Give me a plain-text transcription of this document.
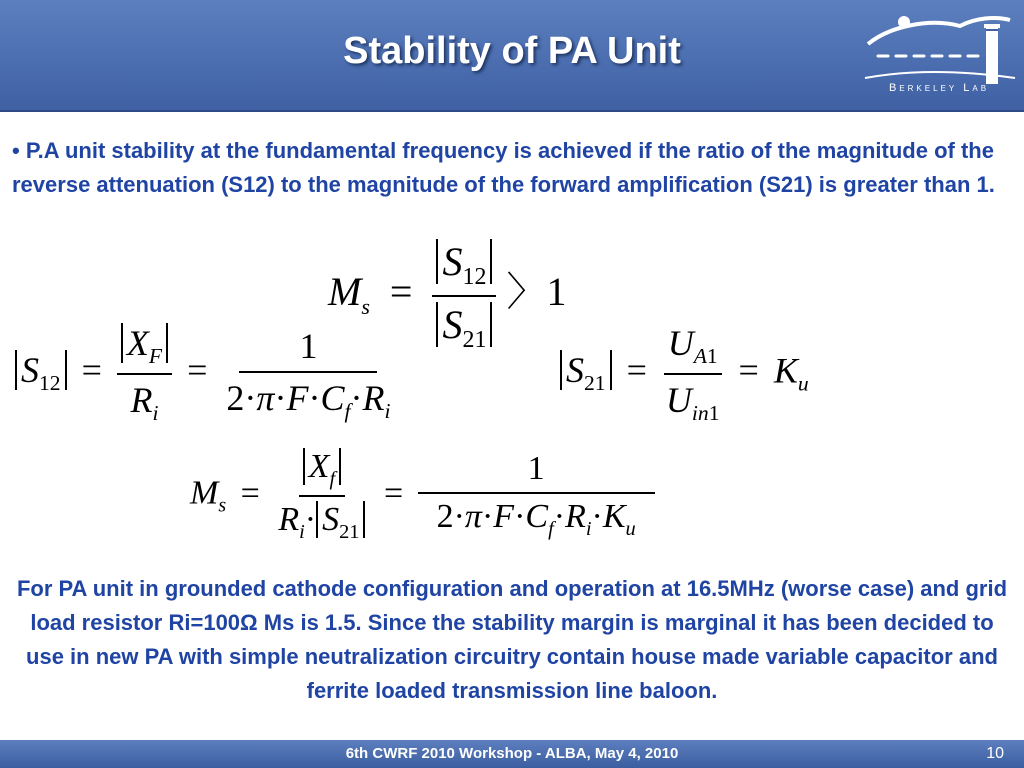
Stability of PA Unit
Berkeley Lab
• P.A unit stability at the fundamental frequency is achieved if the ratio of the magnitude of the reverse attenuation (S12) to the magnitude of the forward amplification (S21) is greater than 1.
$M_s = \frac{S_{12}}{S_{21}}$ 〉1
$S_{12} = \frac{X_F}{R_i} = \frac{1}{2\cdot\pi\cdot F\cdot C_f\cdot R_i}$	$S_{21} = \frac{U_{A1}}{U_{in1}} = K_u$
$M_s = \frac{X_f}{R_i\cdot S_{21}} = \frac{1}{2\cdot\pi\cdot F\cdot C_f\cdot R_i\cdot K_u}$
For PA unit in grounded cathode configuration and operation at 16.5MHz (worse case) and grid load resistor Ri=100Ω Ms is 1.5. Since the stability margin is marginal it has been decided to use in new PA with simple neutralization circuitry contain house made variable capacitor and ferrite loaded transmission line baloon.
6th CWRF 2010 Workshop - ALBA, May 4, 2010	10
